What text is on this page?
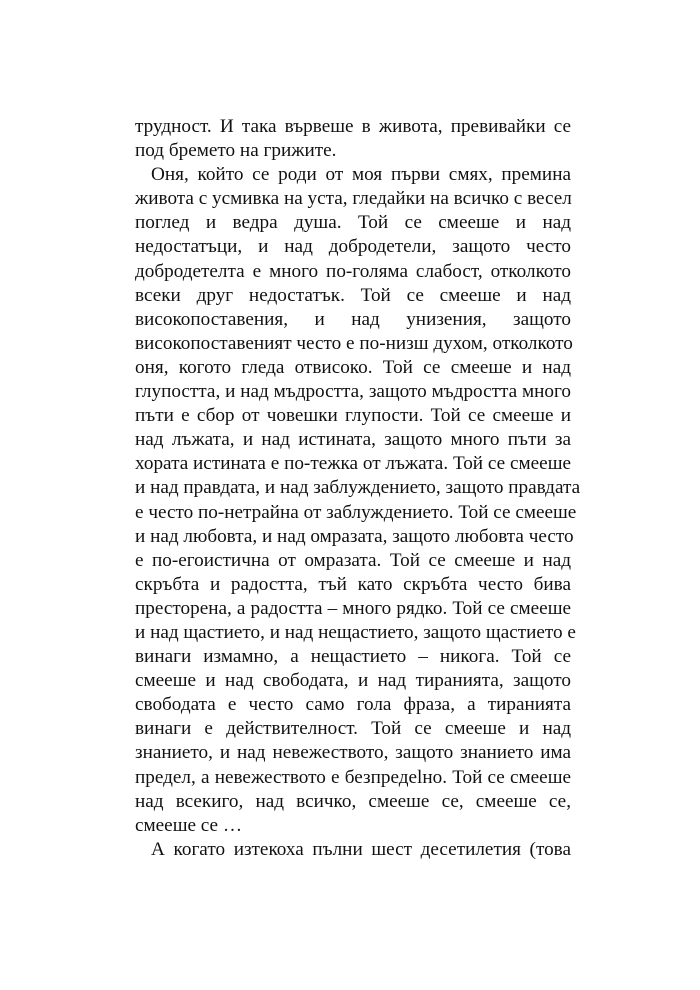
трудност. И така вървеше в живота, превивайки се
под бремето на грижите.
Оня, който се роди от моя първи смях, премина
живота с усмивка на уста, гледайки на всичко с весел
поглед и ведра душа. Той се смееше и над
недостатъци, и над добродетели, защото често
добродетелта е много по-голяма слабост, отколкото
всеки друг недостатък. Той се смееше и над
високопоставения, и над унизения, защото
високопоставеният често е по-низш духом, отколкото
оня, когото гледа отвисоко. Той се смееше и над
глупостта, и над мъдростта, защото мъдростта много
пъти е сбор от човешки глупости. Той се смееше и
над лъжата, и над истината, защото много пъти за
хората истината е по-тежка от лъжата. Той се смееше
и над правдата, и над заблуждението, защото правдата
е често по-нетрайна от заблуждението. Той се смееше
и над любовта, и над омразата, защото любовта често
е по-егоистична от омразата. Той се смееше и над
скръбта и радостта, тъй като скръбта често бива
престорена, а радостта – много рядко. Той се смееше
и над щастието, и над нещастието, защото щастието е
винаги измамно, а нещастието – никога. Той се
смееше и над свободата, и над тиранията, защото
свободата е често само гола фраза, а тиранията
винаги е действителност. Той се смееше и над
знанието, и над невежеството, защото знанието има
предел, а невежеството е безпредelно. Той се смееше
над всекиго, над всичко, смееше се, смееше се,
смееше се …
А когато изтекоха пълни шест десетилетия (това
